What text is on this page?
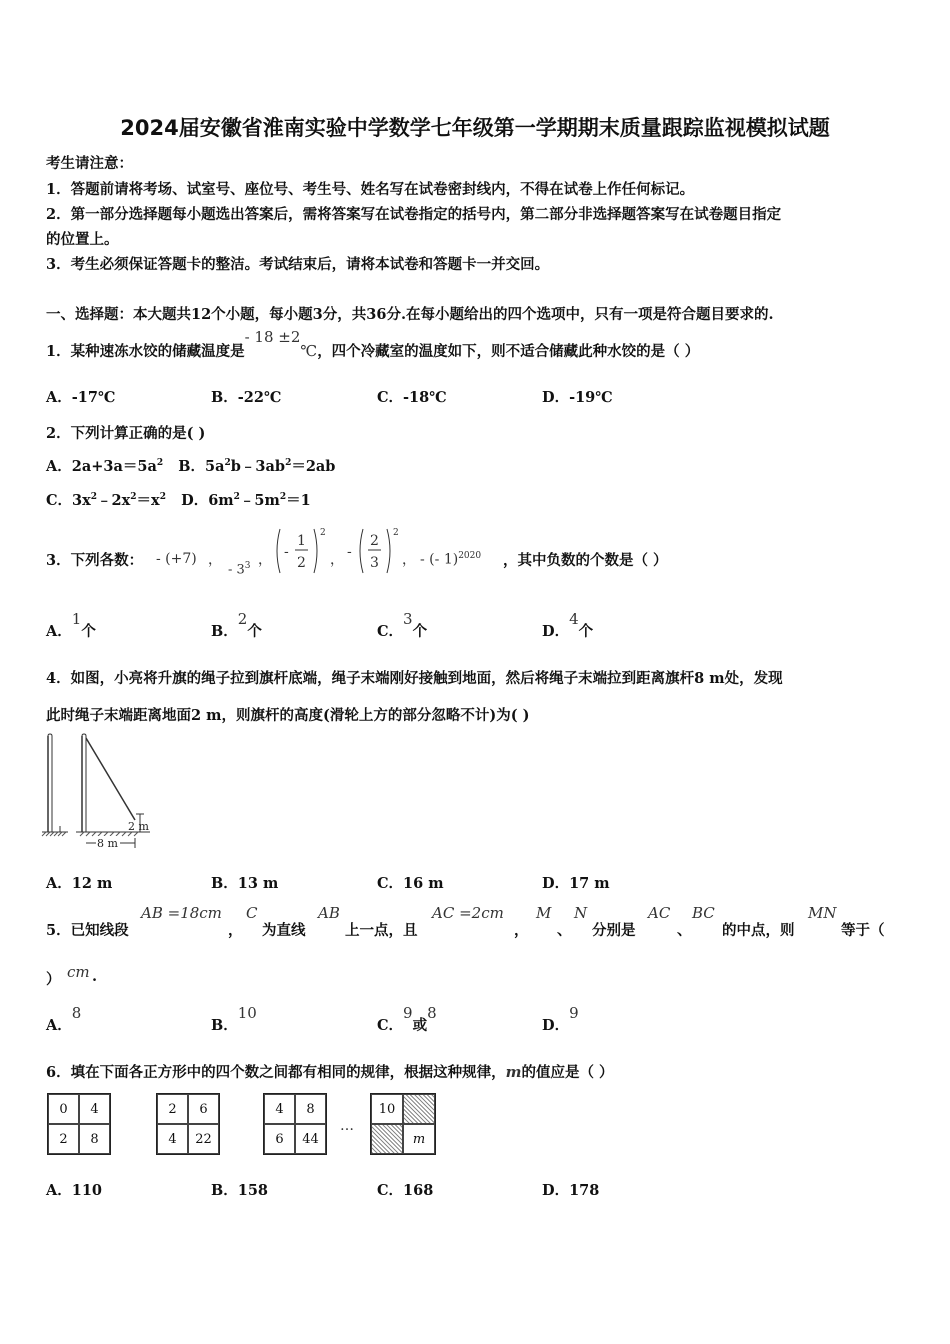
2024届安徽省淮南实验中学数学七年级第一学期期末质量跟踪监视模拟试题
考生请注意：
1．答题前请将考场、试室号、座位号、考生号、姓名写在试卷密封线内，不得在试卷上作任何标记。
2．第一部分选择题每小题选出答案后，需将答案写在试卷指定的括号内，第二部分非选择题答案写在试卷题目指定
的位置上。
3．考生必须保证答题卡的整洁。考试结束后，请将本试卷和答题卡一并交回。
一、选择题：本大题共12个小题，每小题3分，共36分.在每小题给出的四个选项中，只有一项是符合题目要求的.
1．某种速冻水饺的储藏温度是- 18 ±2℃，四个冷藏室的温度如下，则不适合储藏此种水饺的是（ ）
A．-17℃	B．-22℃	C．-18℃	D．-19℃
2．下列计算正确的是( )
A．$2a+3a=5a^2$ B．$5a^2b﹣3ab^2=2ab$
C．$3x^2﹣2x^2=x^2$ D．$6m^2﹣5m^2=1$
3．下列各数： - (+7) ，
- $3^3$ ， -
1
2
2
， -
2
3
2
， - (- 1)$^{2020}$ ，其中负数的个数是（ ）
A．1个	B．2个	C．3个	D．4个
4．如图，小亮将升旗的绳子拉到旗杆底端，绳子末端刚好接触到地面，然后将绳子末端拉到距离旗杆8 m处，发现
此时绳子末端距离地面2 m，则旗杆的高度(滑轮上方的部分忽略不计)为( )
2 m
8 m
A．12 m	B．13 m	C．16 m	D．17 m
5．已知线段
AB =18cm
，
C
为直线
AB
上一点，且
AC =2cm
，
M
、
N
分别是
AC
、
BC
的中点，则
MN
等于（
） cm .
A．8
B．10
C．9或8
D．9
6．填在下面各正方形中的四个数之间都有相同的规律，根据这种规律，m的值应是（ ）
0	4
2	8
2	6
4	22
4	8
6	44
…
10
m
A．110	B．158	C．168	D．178
